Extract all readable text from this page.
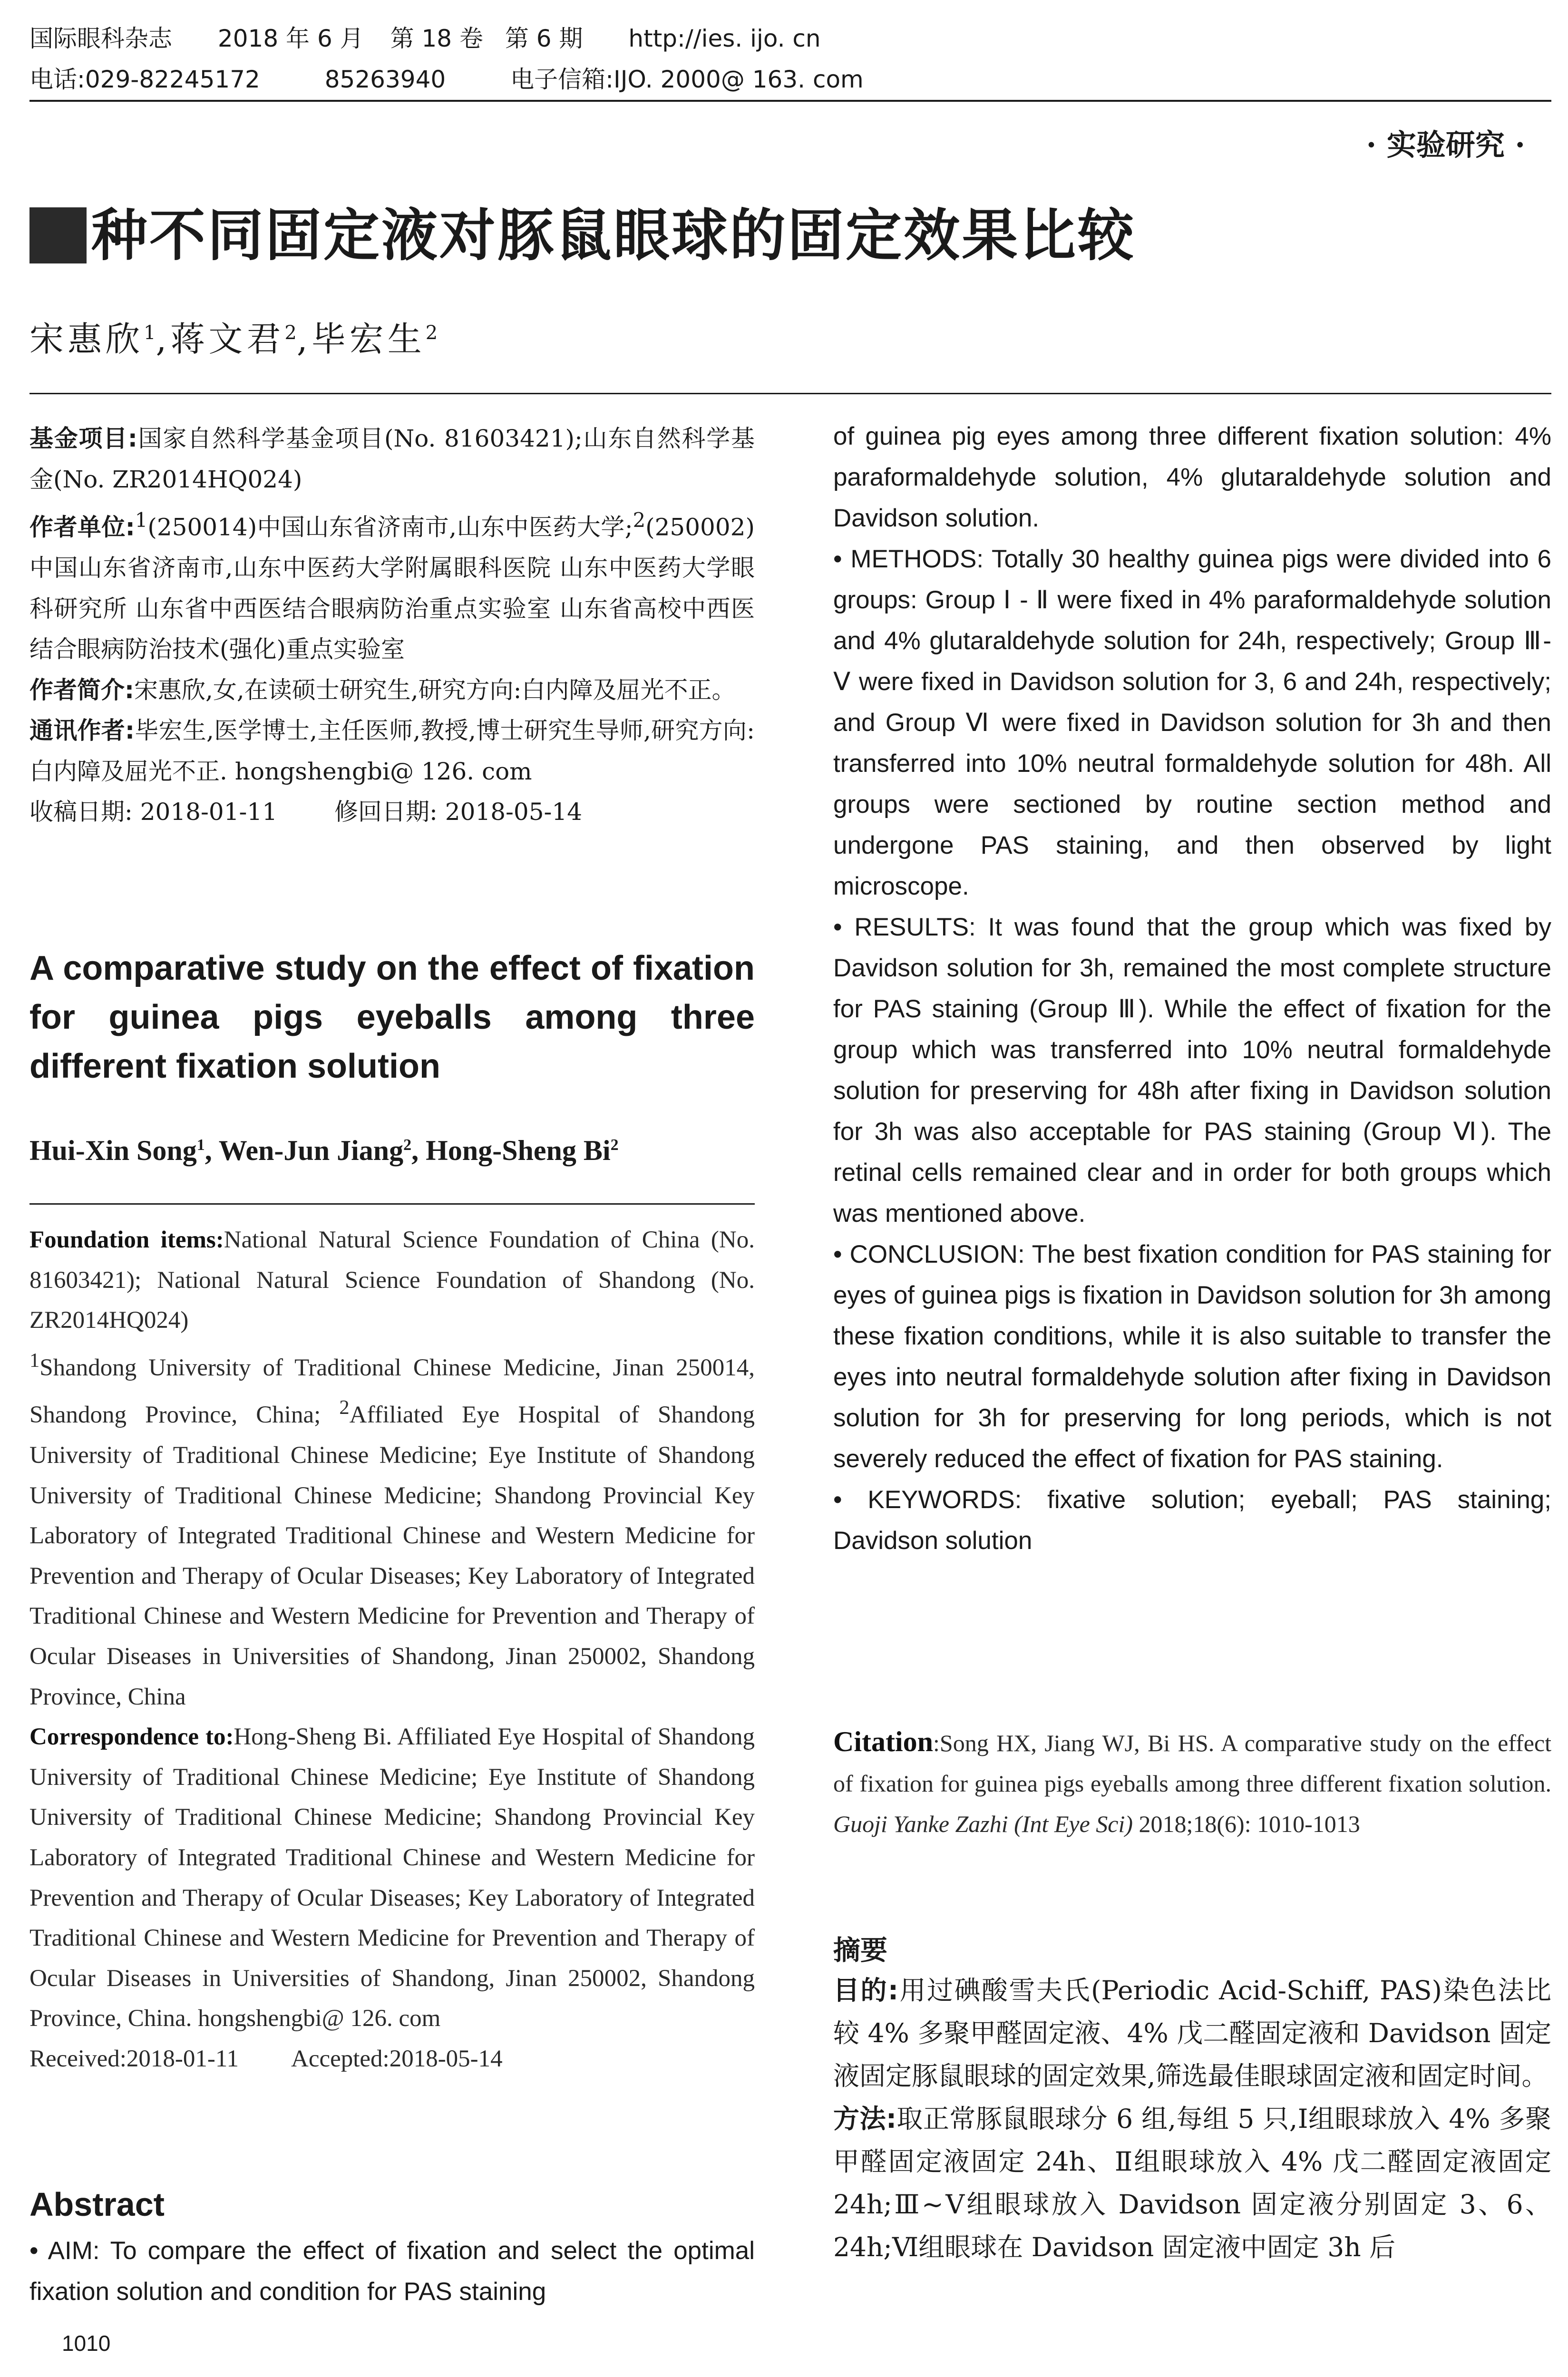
国际眼科杂志 2018 年 6 月 第 18 卷 第 6 期 http://ies. ijo. cn
电话:029-82245172	85263940	电子信箱:IJO. 2000@ 163. com
· 实验研究 ·
种不同固定液对豚鼠眼球的固定效果比较
宋惠欣$^1$,蒋文君$^2$,毕宏生$^2$

基金项目:国家自然科学基金项目(No. 81603421);山东自然科学基金(No. ZR2014HQ024)

作者单位:$^1$(250014)中国山东省济南市,山东中医药大学;$^2$(250002)中国山东省济南市,山东中医药大学附属眼科医院 山东中医药大学眼科研究所 山东省中西医结合眼病防治重点实验室 山东省高校中西医结合眼病防治技术(强化)重点实验室

作者简介:宋惠欣,女,在读硕士研究生,研究方向:白内障及屈光不正。

通讯作者:毕宏生,医学博士,主任医师,教授,博士研究生导师,研究方向:白内障及屈光不正. hongshengbi@ 126. com

收稿日期: 2018-01-11 修回日期: 2018-05-14

A comparative study on the effect of fixation for guinea pigs eyeballs among three different fixation solution
Hui-Xin Song$^1$, Wen-Jun Jiang$^2$, Hong-Sheng Bi$^2$

Foundation items:National Natural Science Foundation of China (No. 81603421); National Natural Science Foundation of Shandong (No. ZR2014HQ024)

$^1$Shandong University of Traditional Chinese Medicine, Jinan 250014, Shandong Province, China; $^2$Affiliated Eye Hospital of Shandong University of Traditional Chinese Medicine; Eye Institute of Shandong University of Traditional Chinese Medicine; Shandong Provincial Key Laboratory of Integrated Traditional Chinese and Western Medicine for Prevention and Therapy of Ocular Diseases; Key Laboratory of Integrated Traditional Chinese and Western Medicine for Prevention and Therapy of Ocular Diseases in Universities of Shandong, Jinan 250002, Shandong Province, China

Correspondence to:Hong-Sheng Bi. Affiliated Eye Hospital of Shandong University of Traditional Chinese Medicine; Eye Institute of Shandong University of Traditional Chinese Medicine; Shandong Provincial Key Laboratory of Integrated Traditional Chinese and Western Medicine for Prevention and Therapy of Ocular Diseases; Key Laboratory of Integrated Traditional Chinese and Western Medicine for Prevention and Therapy of Ocular Diseases in Universities of Shandong, Jinan 250002, Shandong Province, China. hongshengbi@ 126. com

Received:2018-01-11 Accepted:2018-05-14

Abstract
• AIM: To compare the effect of fixation and select the optimal fixation solution and condition for PAS staining

of guinea pig eyes among three different fixation solution: 4% paraformaldehyde solution, 4% glutaraldehyde solution and Davidson solution.

• METHODS: Totally 30 healthy guinea pigs were divided into 6 groups: Group Ⅰ - Ⅱ were fixed in 4% paraformaldehyde solution and 4% glutaraldehyde solution for 24h, respectively; Group Ⅲ-Ⅴ were fixed in Davidson solution for 3, 6 and 24h, respectively; and Group Ⅵ were fixed in Davidson solution for 3h and then transferred into 10% neutral formaldehyde solution for 48h. All groups were sectioned by routine section method and undergone PAS staining, and then observed by light microscope.

• RESULTS: It was found that the group which was fixed by Davidson solution for 3h, remained the most complete structure for PAS staining (Group Ⅲ). While the effect of fixation for the group which was transferred into 10% neutral formaldehyde solution for preserving for 48h after fixing in Davidson solution for 3h was also acceptable for PAS staining (Group Ⅵ). The retinal cells remained clear and in order for both groups which was mentioned above.

• CONCLUSION: The best fixation condition for PAS staining for eyes of guinea pigs is fixation in Davidson solution for 3h among these fixation conditions, while it is also suitable to transfer the eyes into neutral formaldehyde solution after fixing in Davidson solution for 3h for preserving for long periods, which is not severely reduced the effect of fixation for PAS staining.

• KEYWORDS: fixative solution; eyeball; PAS staining; Davidson solution

Citation:Song HX, Jiang WJ, Bi HS. A comparative study on the effect of fixation for guinea pigs eyeballs among three different fixation solution. Guoji Yanke Zazhi (Int Eye Sci) 2018;18(6): 1010-1013
摘要

目的:用过碘酸雪夫氏(Periodic Acid-Schiff, PAS)染色法比较 4% 多聚甲醛固定液、4% 戊二醛固定液和 Davidson 固定液固定豚鼠眼球的固定效果,筛选最佳眼球固定液和固定时间。

方法:取正常豚鼠眼球分 6 组,每组 5 只,Ⅰ组眼球放入 4% 多聚甲醛固定液固定 24h、Ⅱ组眼球放入 4% 戊二醛固定液固定 24h;Ⅲ~Ⅴ组眼球放入 Davidson 固定液分别固定 3、6、24h;Ⅵ组眼球在 Davidson 固定液中固定 3h 后

1010
